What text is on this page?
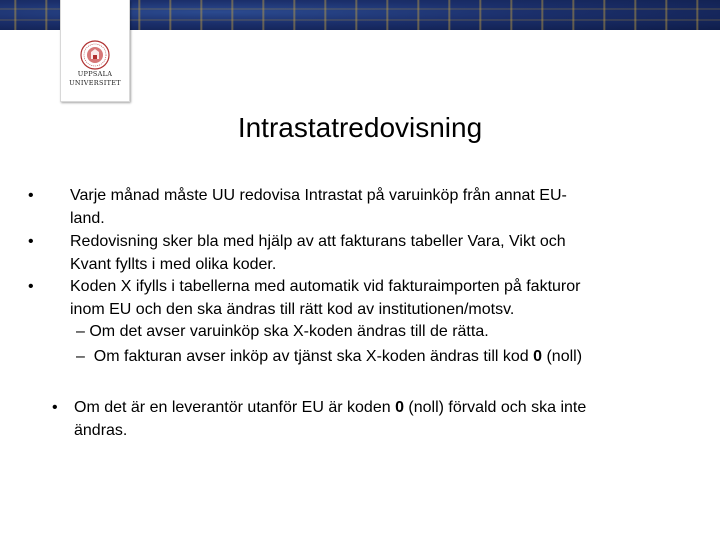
UPPSALA
UNIVERSITET
Intrastatredovisning
• Varje månad måste UU redovisa Intrastat på varuinköp från annat EU-
land.
• Redovisning sker bla med hjälp av att fakturans tabeller Vara, Vikt och
Kvant fyllts i med olika koder.
• Koden X ifylls i tabellerna med automatik vid fakturaimporten på fakturor
inom EU och den ska ändras till rätt kod av institutionen/motsv.
– Om det avser varuinköp ska X-koden ändras till de rätta.
– Om fakturan avser inköp av tjänst ska X-koden ändras till kod 0 (noll)
• Om det är en leverantör utanför EU är koden 0 (noll) förvald och ska inte
ändras.
